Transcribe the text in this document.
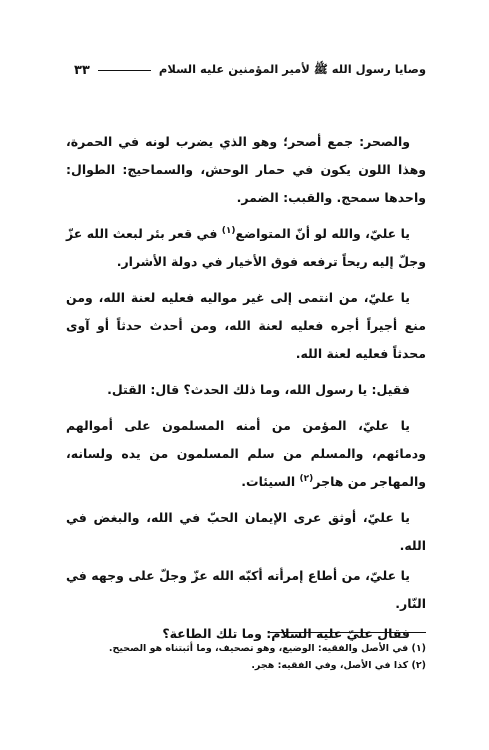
وصايا رسول الله ﷺ لأمير المؤمنين عليه السلام
٣٣

والصحر: جمع أصحر؛ وهو الذي يضرب لونه في الحمرة، وهذا اللون يكون في حمار الوحش، والسماحيج: الطوال: واحدها سمحج. والقبب: الضمر.

يا عليّ، والله لو أنّ المتواضع$^{(١)}$ في قعر بئر لبعث الله عزّ وجلّ إليه ريحاً ترفعه فوق الأخيار في دولة الأشرار.

يا عليّ، من انتمى إلى غير مواليه فعليه لعنة الله، ومن منع أجيراً أجره فعليه لعنة الله، ومن أحدث حدثاً أو آوى محدثاً فعليه لعنة الله.

فقيل: يا رسول الله، وما ذلك الحدث؟ قال: القتل.

يا عليّ، المؤمن من أمنه المسلمون على أموالهم ودمائهم، والمسلم من سلم المسلمون من يده ولسانه، والمهاجر من هاجر$^{(٢)}$ السيئات.

يا عليّ، أوثق عرى الإيمان الحبّ في الله، والبغض في الله.

يا عليّ، من أطاع إمرأته أكبّه الله عزّ وجلّ على وجهه في النّار.

فقال عليّ عليه السلام: وما تلك الطاعة؟

(١) في الأصل والفقيه: الوضيع، وهو تصحيف، وما أثبتناه هو الصحيح.
(٢) كذا في الأصل، وفي الفقيه: هجر.
